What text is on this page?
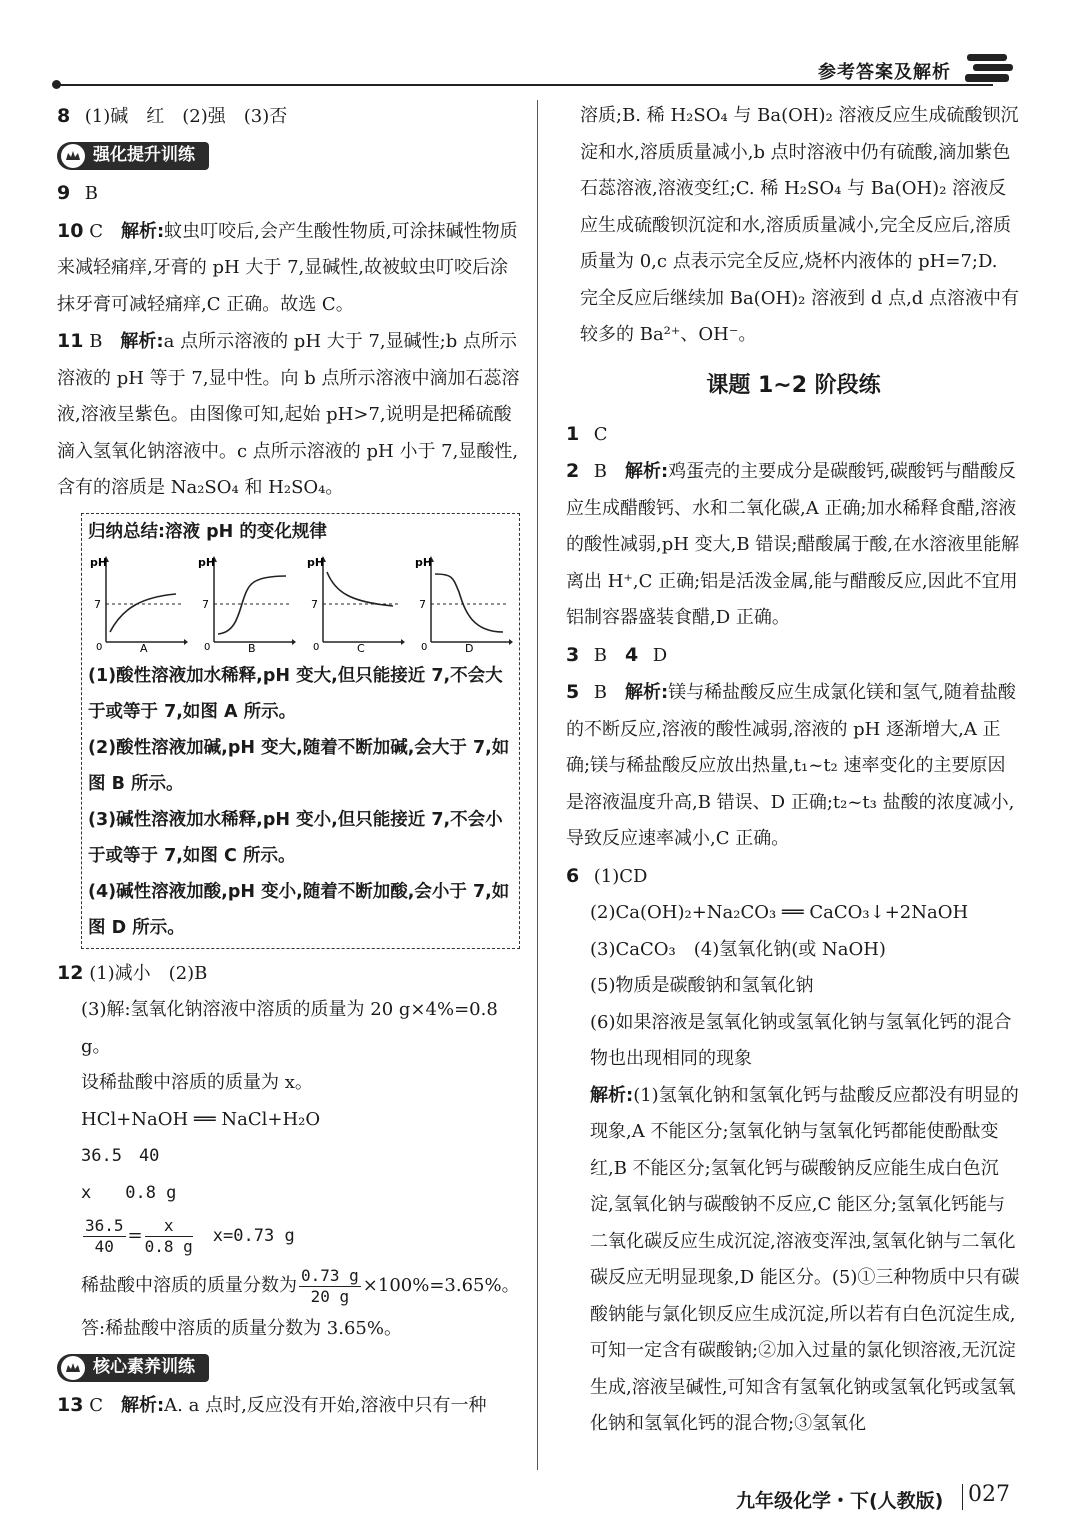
参考答案及解析

8 (1)碱　红　(2)强　(3)否

强化提升训练

9 B

10 C　 解析:蚊虫叮咬后,会产生酸性物质,可涂抹碱性物质来减轻痛痒,牙膏的 pH 大于 7,显碱性,故被蚊虫叮咬后涂抹牙膏可减轻痛痒,C 正确。故选 C。

11 B　 解析:a 点所示溶液的 pH 大于 7,显碱性;b 点所示溶液的 pH 等于 7,显中性。向 b 点所示溶液中滴加石蕊溶液,溶液呈紫色。由图像可知,起始 pH>7,说明是把稀硫酸滴入氢氧化钠溶液中。c 点所示溶液的 pH 小于 7,显酸性,含有的溶质是 Na₂SO₄ 和 H₂SO₄。

归纳总结:溶液 pH 的变化规律

pH
7
0	A
pH
7
0	B
pH
7
0	C
pH
7
0	D

(1)酸性溶液加水稀释,pH 变大,但只能接近 7,不会大于或等于 7,如图 A 所示。

(2)酸性溶液加碱,pH 变大,随着不断加碱,会大于 7,如图 B 所示。

(3)碱性溶液加水稀释,pH 变小,但只能接近 7,不会小于或等于 7,如图 C 所示。

(4)碱性溶液加酸,pH 变小,随着不断加酸,会小于 7,如图 D 所示。

12 (1)减小　(2)B

(3)解:氢氧化钠溶液中溶质的质量为 20 g×4%=0.8 g。

设稀盐酸中溶质的质量为 x。

HCl+NaOH ══ NaCl+H₂O

36.5　40

x　　0.8 g

$\frac{36.5}{40} = \frac{x}{0.8 g}$
　 x=0.73 g

稀盐酸中溶质的质量分数为 $\frac{0.73 g}{20 g} \times 100\%=3.65\%$。

答:稀盐酸中溶质的质量分数为 3.65%。

核心素养训练

13 C　 解析:A. a 点时,反应没有开始,溶液中只有一种

溶质;B. 稀 H₂SO₄ 与 Ba(OH)₂ 溶液反应生成硫酸钡沉淀和水,溶质质量减小,b 点时溶液中仍有硫酸,滴加紫色石蕊溶液,溶液变红;C. 稀 H₂SO₄ 与 Ba(OH)₂ 溶液反应生成硫酸钡沉淀和水,溶质质量减小,完全反应后,溶质质量为 0,c 点表示完全反应,烧杯内液体的 pH=7;D. 完全反应后继续加 Ba(OH)₂ 溶液到 d 点,d 点溶液中有较多的 Ba²⁺、OH⁻。

课题 1~2 阶段练

1 C

2 B　 解析:鸡蛋壳的主要成分是碳酸钙,碳酸钙与醋酸反应生成醋酸钙、水和二氧化碳,A 正确;加水稀释食醋,溶液的酸性减弱,pH 变大,B 错误;醋酸属于酸,在水溶液里能解离出 H⁺,C 正确;铝是活泼金属,能与醋酸反应,因此不宜用铝制容器盛装食醋,D 正确。

3 B　 4 D

5 B　 解析:镁与稀盐酸反应生成氯化镁和氢气,随着盐酸的不断反应,溶液的酸性减弱,溶液的 pH 逐渐增大,A 正确;镁与稀盐酸反应放出热量,t₁~t₂ 速率变化的主要原因是溶液温度升高,B 错误、D 正确;t₂~t₃ 盐酸的浓度减小,导致反应速率减小,C 正确。

6 (1)CD

(2)Ca(OH)₂+Na₂CO₃ ══ CaCO₃↓+2NaOH

(3)CaCO₃　(4)氢氧化钠(或 NaOH)

(5)物质是碳酸钠和氢氧化钠

(6)如果溶液是氢氧化钠或氢氧化钠与氢氧化钙的混合物也出现相同的现象

解析:(1)氢氧化钠和氢氧化钙与盐酸反应都没有明显的现象,A 不能区分;氢氧化钠与氢氧化钙都能使酚酞变红,B 不能区分;氢氧化钙与碳酸钠反应能生成白色沉淀,氢氧化钠与碳酸钠不反应,C 能区分;氢氧化钙能与二氧化碳反应生成沉淀,溶液变浑浊,氢氧化钠与二氧化碳反应无明显现象,D 能区分。(5)①三种物质中只有碳酸钠能与氯化钡反应生成沉淀,所以若有白色沉淀生成,可知一定含有碳酸钠;②加入过量的氯化钡溶液,无沉淀生成,溶液呈碱性,可知含有氢氧化钠或氢氧化钙或氢氧化钠和氢氧化钙的混合物;③氢氧化

九年级化学・下(人教版) 027
